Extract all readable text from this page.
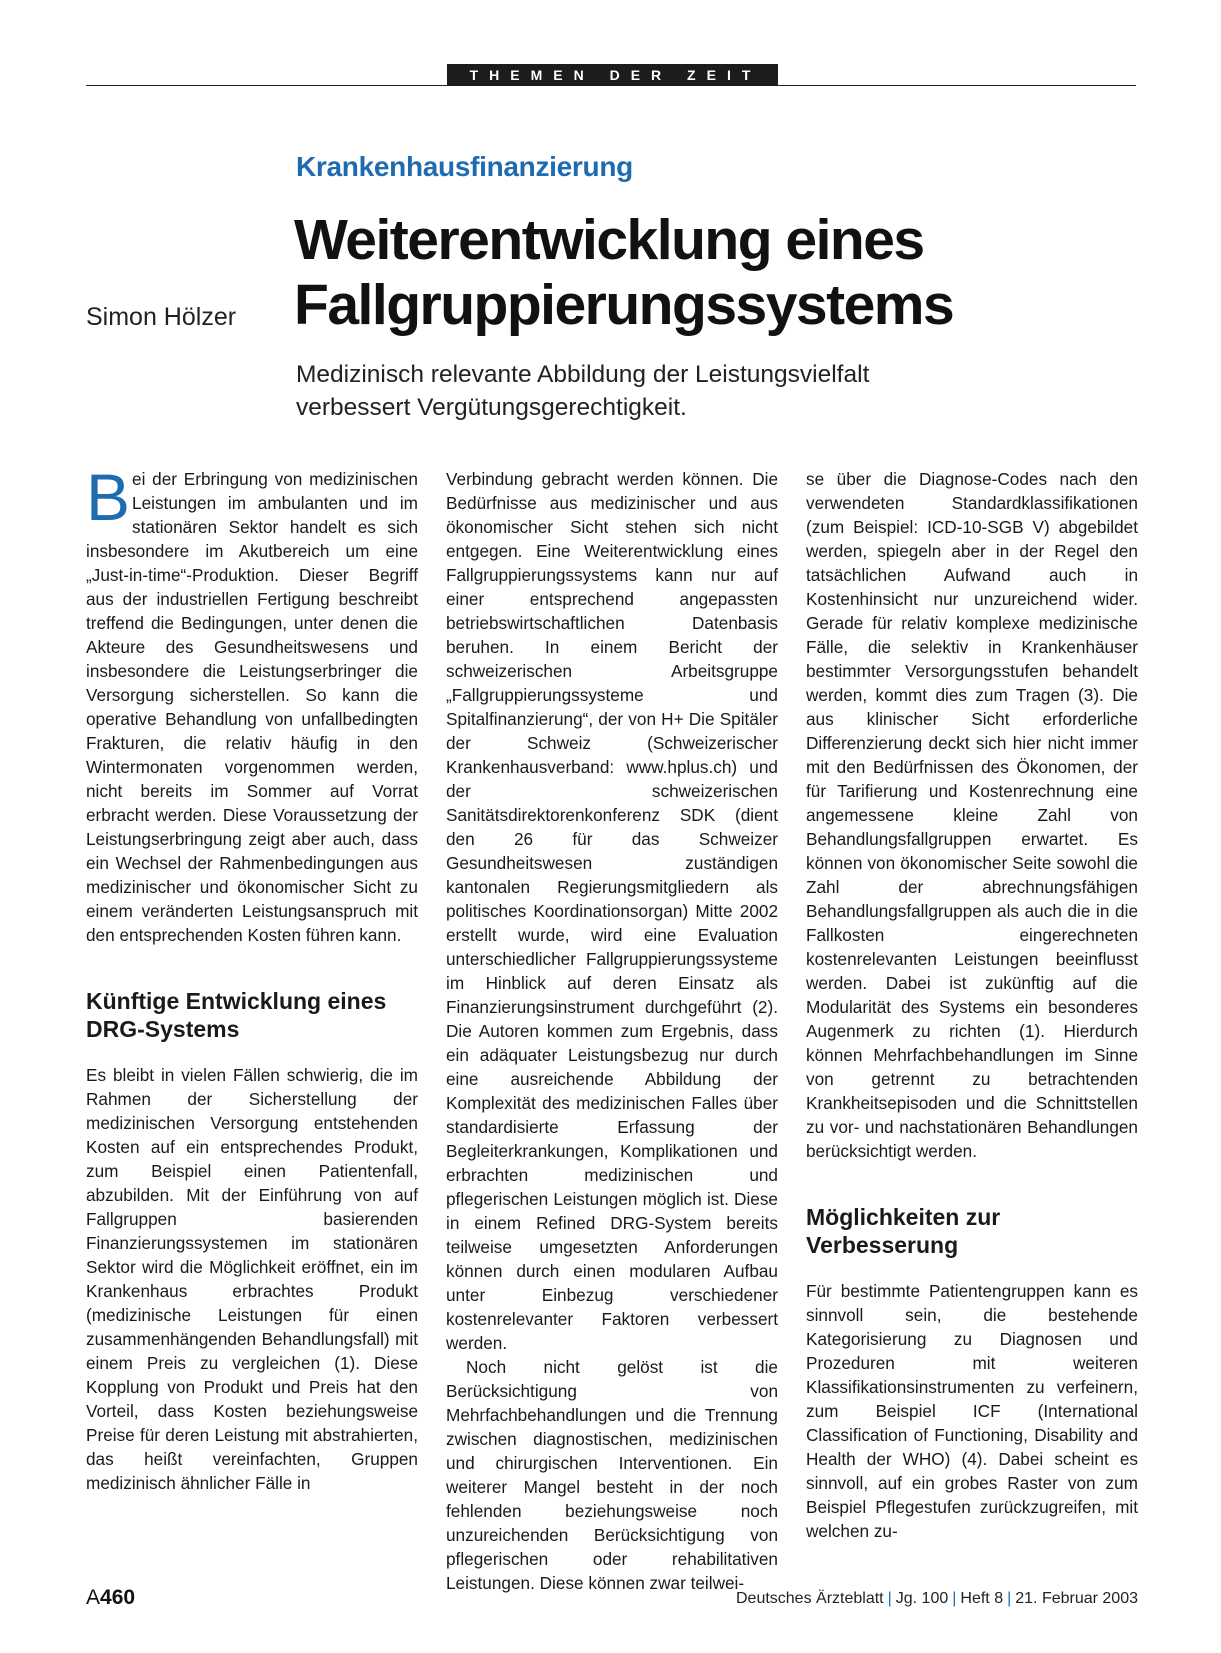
THEMEN DER ZEIT
Krankenhausfinanzierung
Simon Hölzer
Weiterentwicklung eines
Fallgruppierungssystems
Medizinisch relevante Abbildung der Leistungsvielfalt
verbessert Vergütungsgerechtigkeit.

Bei der Erbringung von medizinischen Leistungen im ambulanten und im stationären Sektor handelt es sich insbesondere im Akutbereich um eine „Just-in-time“-Produktion. Dieser Begriff aus der industriellen Fertigung beschreibt treffend die Bedingungen, unter denen die Akteure des Gesundheitswesens und insbesondere die Leistungserbringer die Versorgung sicherstellen. So kann die operative Behandlung von unfallbedingten Frakturen, die relativ häufig in den Wintermonaten vorgenommen werden, nicht bereits im Sommer auf Vorrat erbracht werden. Diese Voraussetzung der Leistungserbringung zeigt aber auch, dass ein Wechsel der Rahmenbedingungen aus medizinischer und ökonomischer Sicht zu einem veränderten Leistungsanspruch mit den entsprechenden Kosten führen kann.

Künftige Entwicklung eines DRG-Systems

Es bleibt in vielen Fällen schwierig, die im Rahmen der Sicherstellung der medizinischen Versorgung entstehenden Kosten auf ein entsprechendes Produkt, zum Beispiel einen Patientenfall, abzubilden. Mit der Einführung von auf Fallgruppen basierenden Finanzierungssystemen im stationären Sektor wird die Möglichkeit eröffnet, ein im Krankenhaus erbrachtes Produkt (medizinische Leistungen für einen zusammenhängenden Behandlungsfall) mit einem Preis zu vergleichen (1). Diese Kopplung von Produkt und Preis hat den Vorteil, dass Kosten beziehungsweise Preise für deren Leistung mit abstrahierten, das heißt vereinfachten, Gruppen medizinisch ähnlicher Fälle in

Verbindung gebracht werden können. Die Bedürfnisse aus medizinischer und aus ökonomischer Sicht stehen sich nicht entgegen. Eine Weiterentwicklung eines Fallgruppierungssystems kann nur auf einer entsprechend angepassten betriebswirtschaftlichen Datenbasis beruhen. In einem Bericht der schweizerischen Arbeitsgruppe „Fallgruppierungssysteme und Spitalfinanzierung“, der von H+ Die Spitäler der Schweiz (Schweizerischer Krankenhausverband: www.hplus.ch) und der schweizerischen Sanitätsdirektorenkonferenz SDK (dient den 26 für das Schweizer Gesundheitswesen zuständigen kantonalen Regierungsmitgliedern als politisches Koordinationsorgan) Mitte 2002 erstellt wurde, wird eine Evaluation unterschiedlicher Fallgruppierungssysteme im Hinblick auf deren Einsatz als Finanzierungsinstrument durchgeführt (2). Die Autoren kommen zum Ergebnis, dass ein adäquater Leistungsbezug nur durch eine ausreichende Abbildung der Komplexität des medizinischen Falles über standardisierte Erfassung der Begleiterkrankungen, Komplikationen und erbrachten medizinischen und pflegerischen Leistungen möglich ist. Diese in einem Refined DRG-System bereits teilweise umgesetzten Anforderungen können durch einen modularen Aufbau unter Einbezug verschiedener kostenrelevanter Faktoren verbessert werden.

Noch nicht gelöst ist die Berücksichtigung von Mehrfachbehandlungen und die Trennung zwischen diagnostischen, medizinischen und chirurgischen Interventionen. Ein weiterer Mangel besteht in der noch fehlenden beziehungsweise noch unzureichenden Berücksichtigung von pflegerischen oder rehabilitativen Leistungen. Diese können zwar teilwei-

se über die Diagnose-Codes nach den verwendeten Standardklassifikationen (zum Beispiel: ICD-10-SGB V) abgebildet werden, spiegeln aber in der Regel den tatsächlichen Aufwand auch in Kostenhinsicht nur unzureichend wider. Gerade für relativ komplexe medizinische Fälle, die selektiv in Krankenhäuser bestimmter Versorgungsstufen behandelt werden, kommt dies zum Tragen (3). Die aus klinischer Sicht erforderliche Differenzierung deckt sich hier nicht immer mit den Bedürfnissen des Ökonomen, der für Tarifierung und Kostenrechnung eine angemessene kleine Zahl von Behandlungsfallgruppen erwartet. Es können von ökonomischer Seite sowohl die Zahl der abrechnungsfähigen Behandlungsfallgruppen als auch die in die Fallkosten eingerechneten kostenrelevanten Leistungen beeinflusst werden. Dabei ist zukünftig auf die Modularität des Systems ein besonderes Augenmerk zu richten (1). Hierdurch können Mehrfachbehandlungen im Sinne von getrennt zu betrachtenden Krankheitsepisoden und die Schnittstellen zu vor- und nachstationären Behandlungen berücksichtigt werden.

Möglichkeiten zur Verbesserung

Für bestimmte Patientengruppen kann es sinnvoll sein, die bestehende Kategorisierung zu Diagnosen und Prozeduren mit weiteren Klassifikationsinstrumenten zu verfeinern, zum Beispiel ICF (International Classification of Functioning, Disability and Health der WHO) (4). Dabei scheint es sinnvoll, auf ein grobes Raster von zum Beispiel Pflegestufen zurückzugreifen, mit welchen zu-

A460	Deutsches Ärzteblatt | Jg. 100 | Heft 8 | 21. Februar 2003
